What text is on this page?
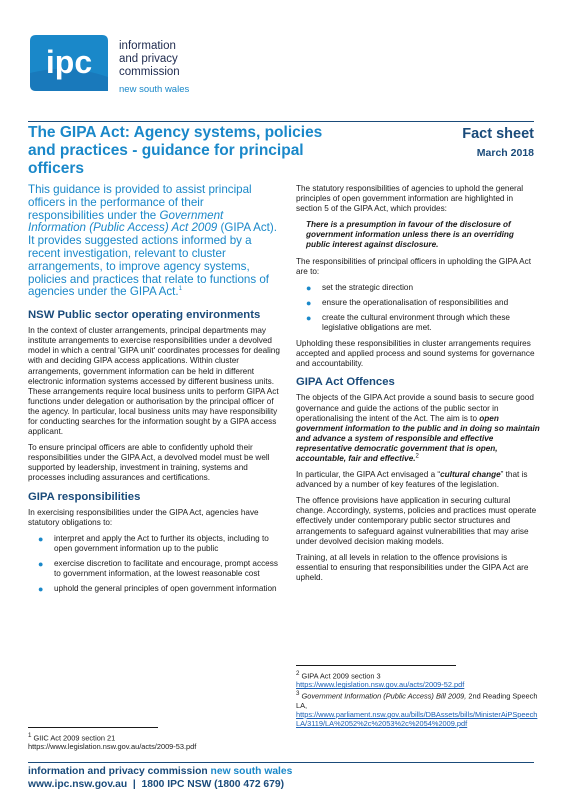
ipc information
and privacy
commission
new south wales
The GIPA Act: Agency systems, policies and practices - guidance for principal officers
Fact sheet
March 2018

This guidance is provided to assist principal officers in the performance of their responsibilities under the Government Information (Public Access) Act 2009 (GIPA Act). It provides suggested actions informed by a recent investigation, relevant to cluster arrangements, to improve agency systems, policies and practices that relate to functions of agencies under the GIPA Act.$^1$

NSW Public sector operating environments

In the context of cluster arrangements, principal departments may institute arrangements to exercise responsibilities under a devolved model in which a central 'GIPA unit' coordinates processes for dealing with and deciding GIPA access applications. Within cluster arrangements, government information can be held in different electronic information systems accessed by different business units. These arrangements require local business units to perform GIPA Act functions under delegation or authorisation by the principal officer of the agency. In particular, local business units may have responsibility for conducting searches for the information sought by a GIPA access applicant.

To ensure principal officers are able to confidently uphold their responsibilities under the GIPA Act, a devolved model must be well supported by leadership, investment in training, systems and processes including assurances and certifications.

GIPA responsibilities

In exercising responsibilities under the GIPA Act, agencies have statutory obligations to:

● interpret and apply the Act to further its objects, including to open government information up to the public
● exercise discretion to facilitate and encourage, prompt access to government information, at the lowest reasonable cost
● uphold the general principles of open government information

The statutory responsibilities of agencies to uphold the general principles of open government information are highlighted in section 5 of the GIPA Act, which provides:

There is a presumption in favour of the disclosure of government information unless there is an overriding public interest against disclosure.

The responsibilities of principal officers in upholding the GIPA Act are to:

● set the strategic direction
● ensure the operationalisation of responsibilities and
● create the cultural environment through which these legislative obligations are met.

Upholding these responsibilities in cluster arrangements requires accepted and applied process and sound systems for governance and accountability.

GIPA Act Offences

The objects of the GIPA Act provide a sound basis to secure good governance and guide the actions of the public sector in operationalising the intent of the Act. The aim is to open government information to the public and in doing so maintain and advance a system of responsible and effective representative democratic government that is open, accountable, fair and effective.$^2$

In particular, the GIPA Act envisaged a “cultural change” that is advanced by a number of key features of the legislation.

The offence provisions have application in securing cultural change. Accordingly, systems, policies and practices must operate effectively under contemporary public sector structures and arrangements to safeguard against vulnerabilities that may arise under devolved decision making models.

Training, at all levels in relation to the offence provisions is essential to ensuring that responsibilities under the GIPA Act are upheld.

$^1$ GIIC Act 2009 section 21
https://www.legislation.nsw.gov.au/acts/2009-53.pdf
$^2$ GIPA Act 2009 section 3
https://www.legislation.nsw.gov.au/acts/2009-52.pdf
$^3$ Government Information (Public Access) Bill 2009, 2nd Reading Speech LA,
https://www.parliament.nsw.gov.au/bills/DBAssets/bills/MinisterAiPSpeechLA/3119/LA%2052%2c%2053%2c%2054%2009.pdf
information and privacy commission new south wales
www.ipc.nsw.gov.au  |  1800 IPC NSW (1800 472 679)
